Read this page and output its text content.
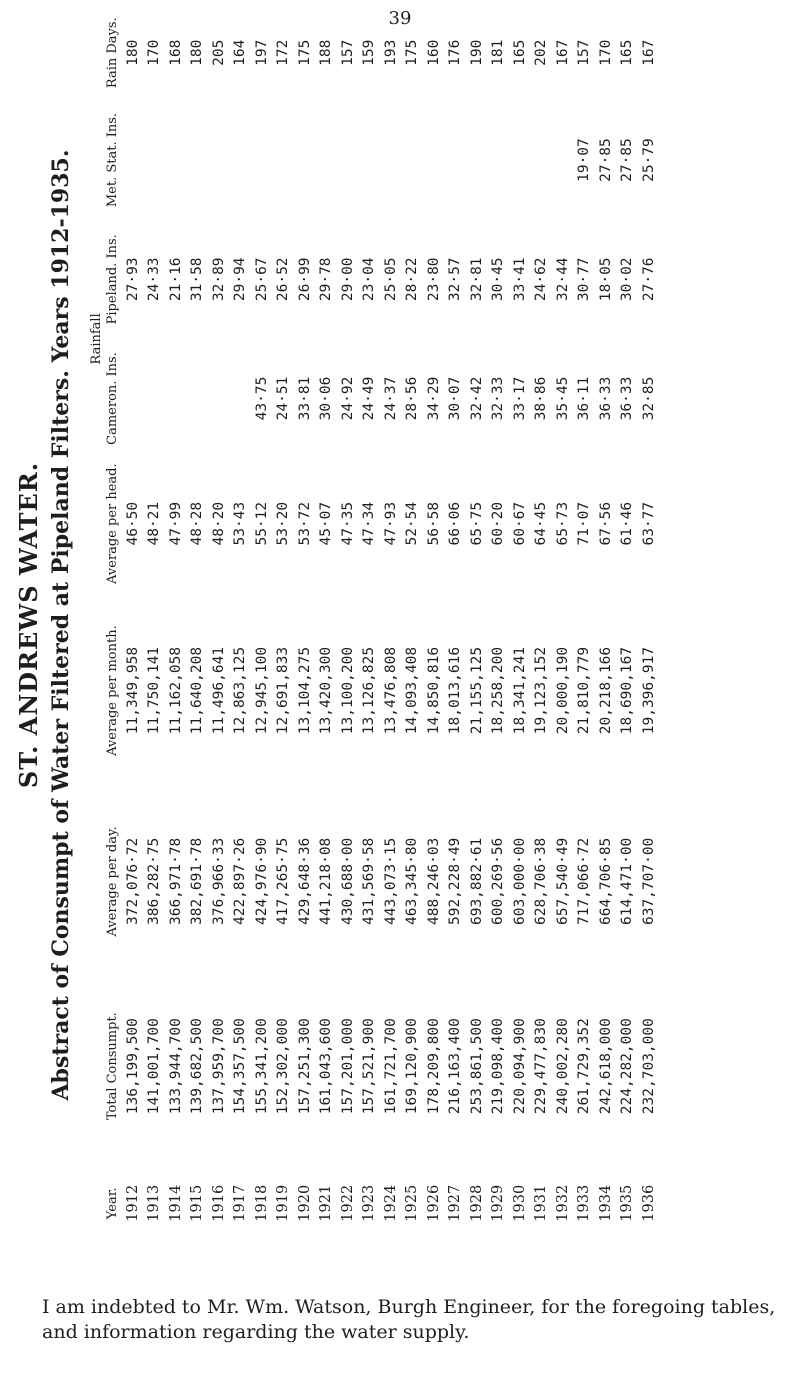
39
ST. ANDREWS WATER. Abstract of Consumpt of Water Filtered at Pipeland Filters. Years 1912-1935.
Year.	Total Consumpt.	Average per day.	Average per month.	Average per head.	Rainfall		Met. Stat. Ins.	Rain Days.
					Cameron. Ins.	Pipeland. Ins.		
1912	136,199,500	372,076·72	11,349,958	46·50		27·93		180
1913	141,001,700	386,282·75	11,750,141	48·21		24·33		170
1914	133,944,700	366,971·78	11,162,058	47·99		21·16		168
1915	139,682,500	382,691·78	11,640,208	48·28		31·58		180
1916	137,959,700	376,966·33	11,496,641	48·20		32·89		205
1917	154,357,500	422,897·26	12,863,125	53·43		29·94		164
1918	155,341,200	424,976·90	12,945,100	55·12	43·75	25·67		197
1919	152,302,000	417,265·75	12,691,833	53·20	24·51	26·52		172
1920	157,251,300	429,648·36	13,104,275	53·72	33·81	26·99		175
1921	161,043,600	441,218·08	13,420,300	45·07	30·06	29·78		188
1922	157,201,000	430,688·00	13,100,200	47·35	24·92	29·00		157
1923	157,521,900	431,569·58	13,126,825	47·34	24·49	23·04		159
1924	161,721,700	443,073·15	13,476,808	47·93	24·37	25·05		193
1925	169,120,900	463,345·80	14,093,408	52·54	28·56	28·22		175
1926	178,209,800	488,246·03	14,850,816	56·58	34·29	23·80		160
1927	216,163,400	592,228·49	18,013,616	66·06	30·07	32·57		176
1928	253,861,500	693,882·61	21,155,125	65·75	32·42	32·81		190
1929	219,098,400	600,269·56	18,258,200	60·20	32·33	30·45		181
1930	220,094,900	603,000·00	18,341,241	60·67	33·17	33·41		165
1931	229,477,830	628,706·38	19,123,152	64·45	38·86	24·62		202
1932	240,002,280	657,540·49	20,000,190	65·73	35·45	32·44		167
1933	261,729,352	717,066·72	21,810,779	71·07	36·11	30·77	19·07	157
1934	242,618,000	664,706·85	20,218,166	67·56	36·33	18·05	27·85	170
1935	224,282,000	614,471·00	18,690,167	61·46	36·33	30·02	27·85	165
1936	232,703,000	637,707·00	19,396,917	63·77	32·85	27·76	25·79	167
I am indebted to Mr. Wm. Watson, Burgh Engineer, for the foregoing tables, and information regarding the water supply.
